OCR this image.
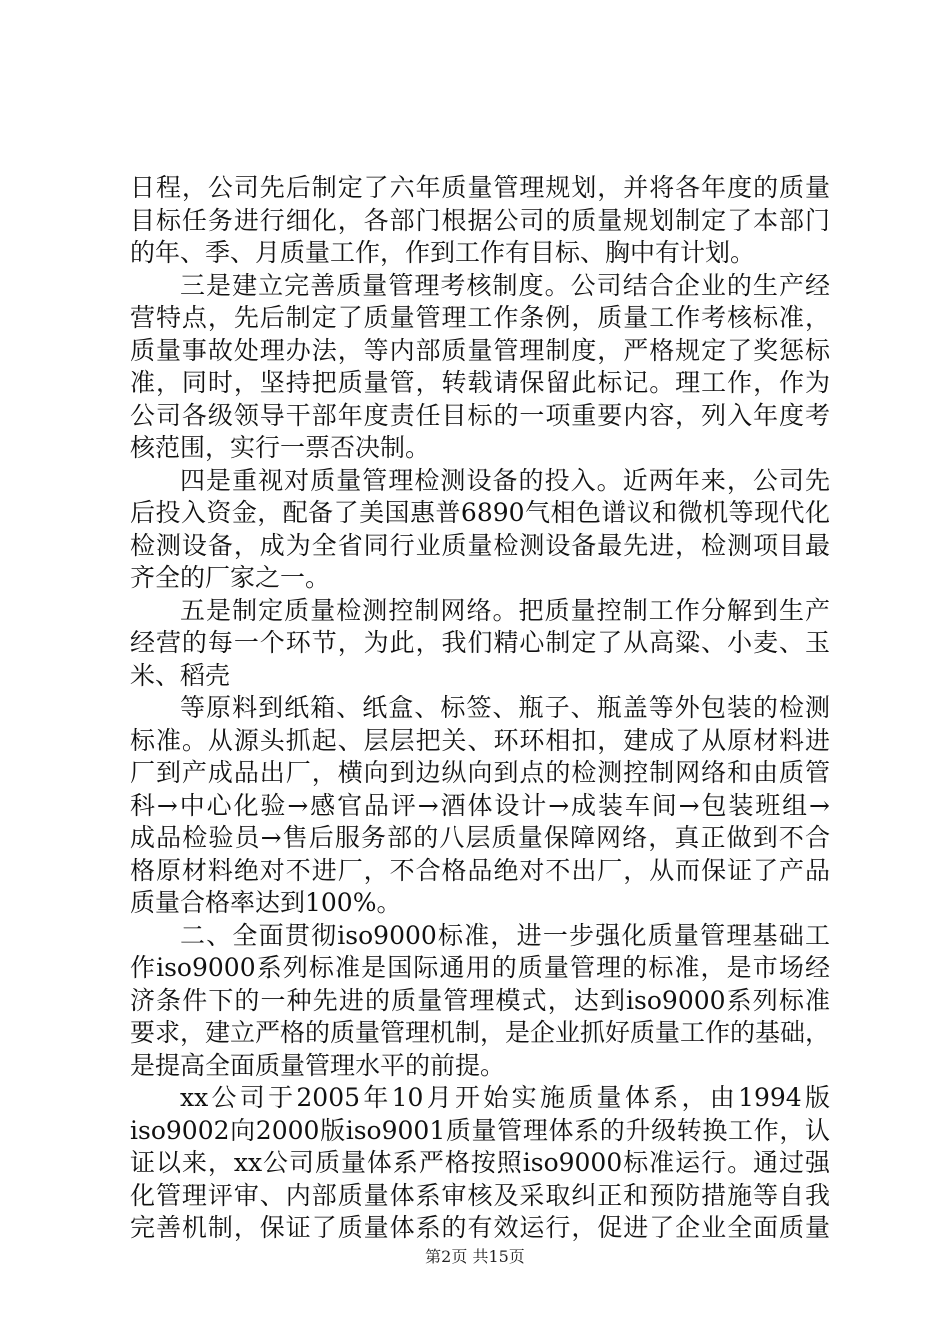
日程，公司先后制定了六年质量管理规划，并将各年度的质量
目标任务进行细化，各部门根据公司的质量规划制定了本部门
的年、季、月质量工作，作到工作有目标、胸中有计划。
三是建立完善质量管理考核制度。公司结合企业的生产经
营特点，先后制定了质量管理工作条例，质量工作考核标准，
质量事故处理办法，等内部质量管理制度，严格规定了奖惩标
准，同时，坚持把质量管，转载请保留此标记。理工作，作为
公司各级领导干部年度责任目标的一项重要内容，列入年度考
核范围，实行一票否决制。
四是重视对质量管理检测设备的投入。近两年来，公司先
后投入资金，配备了美国惠普6890气相色谱议和微机等现代化
检测设备，成为全省同行业质量检测设备最先进，检测项目最
齐全的厂家之一。
五是制定质量检测控制网络。把质量控制工作分解到生产
经营的每一个环节，为此，我们精心制定了从高粱、小麦、玉
米、稻壳
等原料到纸箱、纸盒、标签、瓶子、瓶盖等外包装的检测
标准。从源头抓起、层层把关、环环相扣，建成了从原材料进
厂到产成品出厂，横向到边纵向到点的检测控制网络和由质管
科→中心化验→感官品评→酒体设计→成装车间→包装班组→
成品检验员→售后服务部的八层质量保障网络，真正做到不合
格原材料绝对不进厂，不合格品绝对不出厂，从而保证了产品
质量合格率达到100%。
二、全面贯彻iso9000标准，进一步强化质量管理基础工
作iso9000系列标准是国际通用的质量管理的标准，是市场经
济条件下的一种先进的质量管理模式，达到iso9000系列标准
要求，建立严格的质量管理机制，是企业抓好质量工作的基础，
是提高全面质量管理水平的前提。
xx公司于2005年10月开始实施质量体系，由1994版
iso9002向2000版iso9001质量管理体系的升级转换工作，认
证以来，xx公司质量体系严格按照iso9000标准运行。通过强
化管理评审、内部质量体系审核及采取纠正和预防措施等自我
完善机制，保证了质量体系的有效运行，促进了企业全面质量
第2页 共15页
